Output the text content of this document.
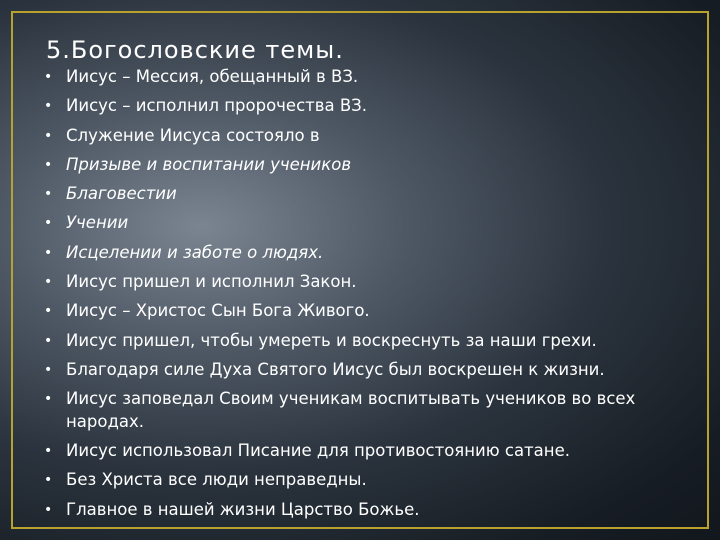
5.Богословские темы.
• Иисус – Мессия, обещанный в ВЗ.
• Иисус – исполнил пророчества ВЗ.
• Служение Иисуса состояло в
• Призыве и воспитании учеников
• Благовестии
• Учении
• Исцелении и заботе о людях.
• Иисус пришел и исполнил Закон.
• Иисус – Христос Сын Бога Живого.
• Иисус пришел, чтобы умереть и воскреснуть за наши грехи.
• Благодаря силе Духа Святого Иисус был воскрешен к жизни.
• Иисус заповедал Своим ученикам воспитывать учеников во всех народах.
• Иисус использовал Писание для противостоянию сатане.
• Без Христа все люди неправедны.
• Главное в нашей жизни Царство Божье.
